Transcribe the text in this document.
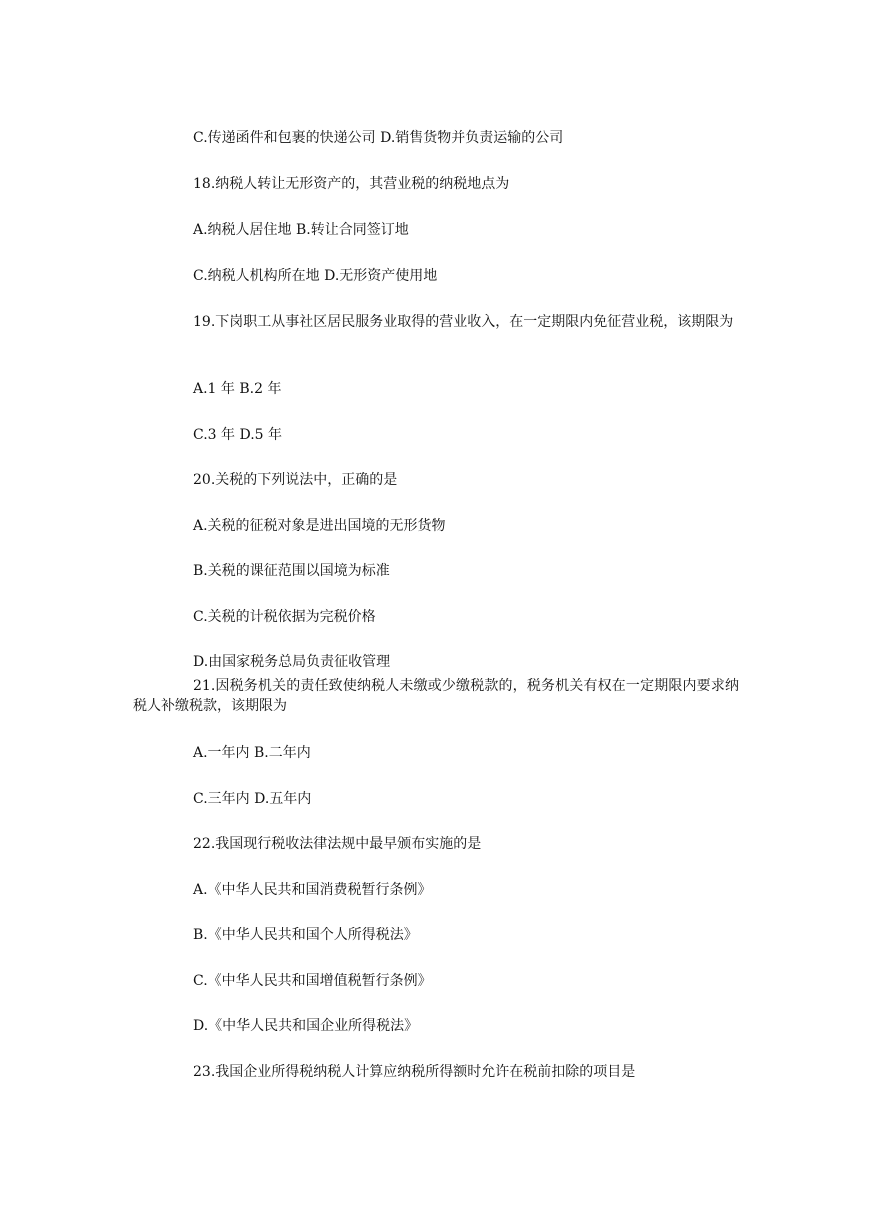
C.传递函件和包裹的快递公司 D.销售货物并负责运输的公司
18.纳税人转让无形资产的，其营业税的纳税地点为
A.纳税人居住地 B.转让合同签订地
C.纳税人机构所在地 D.无形资产使用地
19.下岗职工从事社区居民服务业取得的营业收入，在一定期限内免征营业税，该期限为
A.1 年 B.2 年
C.3 年 D.5 年
20.关税的下列说法中，正确的是
A.关税的征税对象是进出国境的无形货物
B.关税的课征范围以国境为标准
C.关税的计税依据为完税价格
D.由国家税务总局负责征收管理
21.因税务机关的责任致使纳税人未缴或少缴税款的，税务机关有权在一定期限内要求纳税人补缴税款，该期限为
A.一年内 B.二年内
C.三年内 D.五年内
22.我国现行税收法律法规中最早颁布实施的是
A.《中华人民共和国消费税暂行条例》
B.《中华人民共和国个人所得税法》
C.《中华人民共和国增值税暂行条例》
D.《中华人民共和国企业所得税法》
23.我国企业所得税纳税人计算应纳税所得额时允许在税前扣除的项目是
